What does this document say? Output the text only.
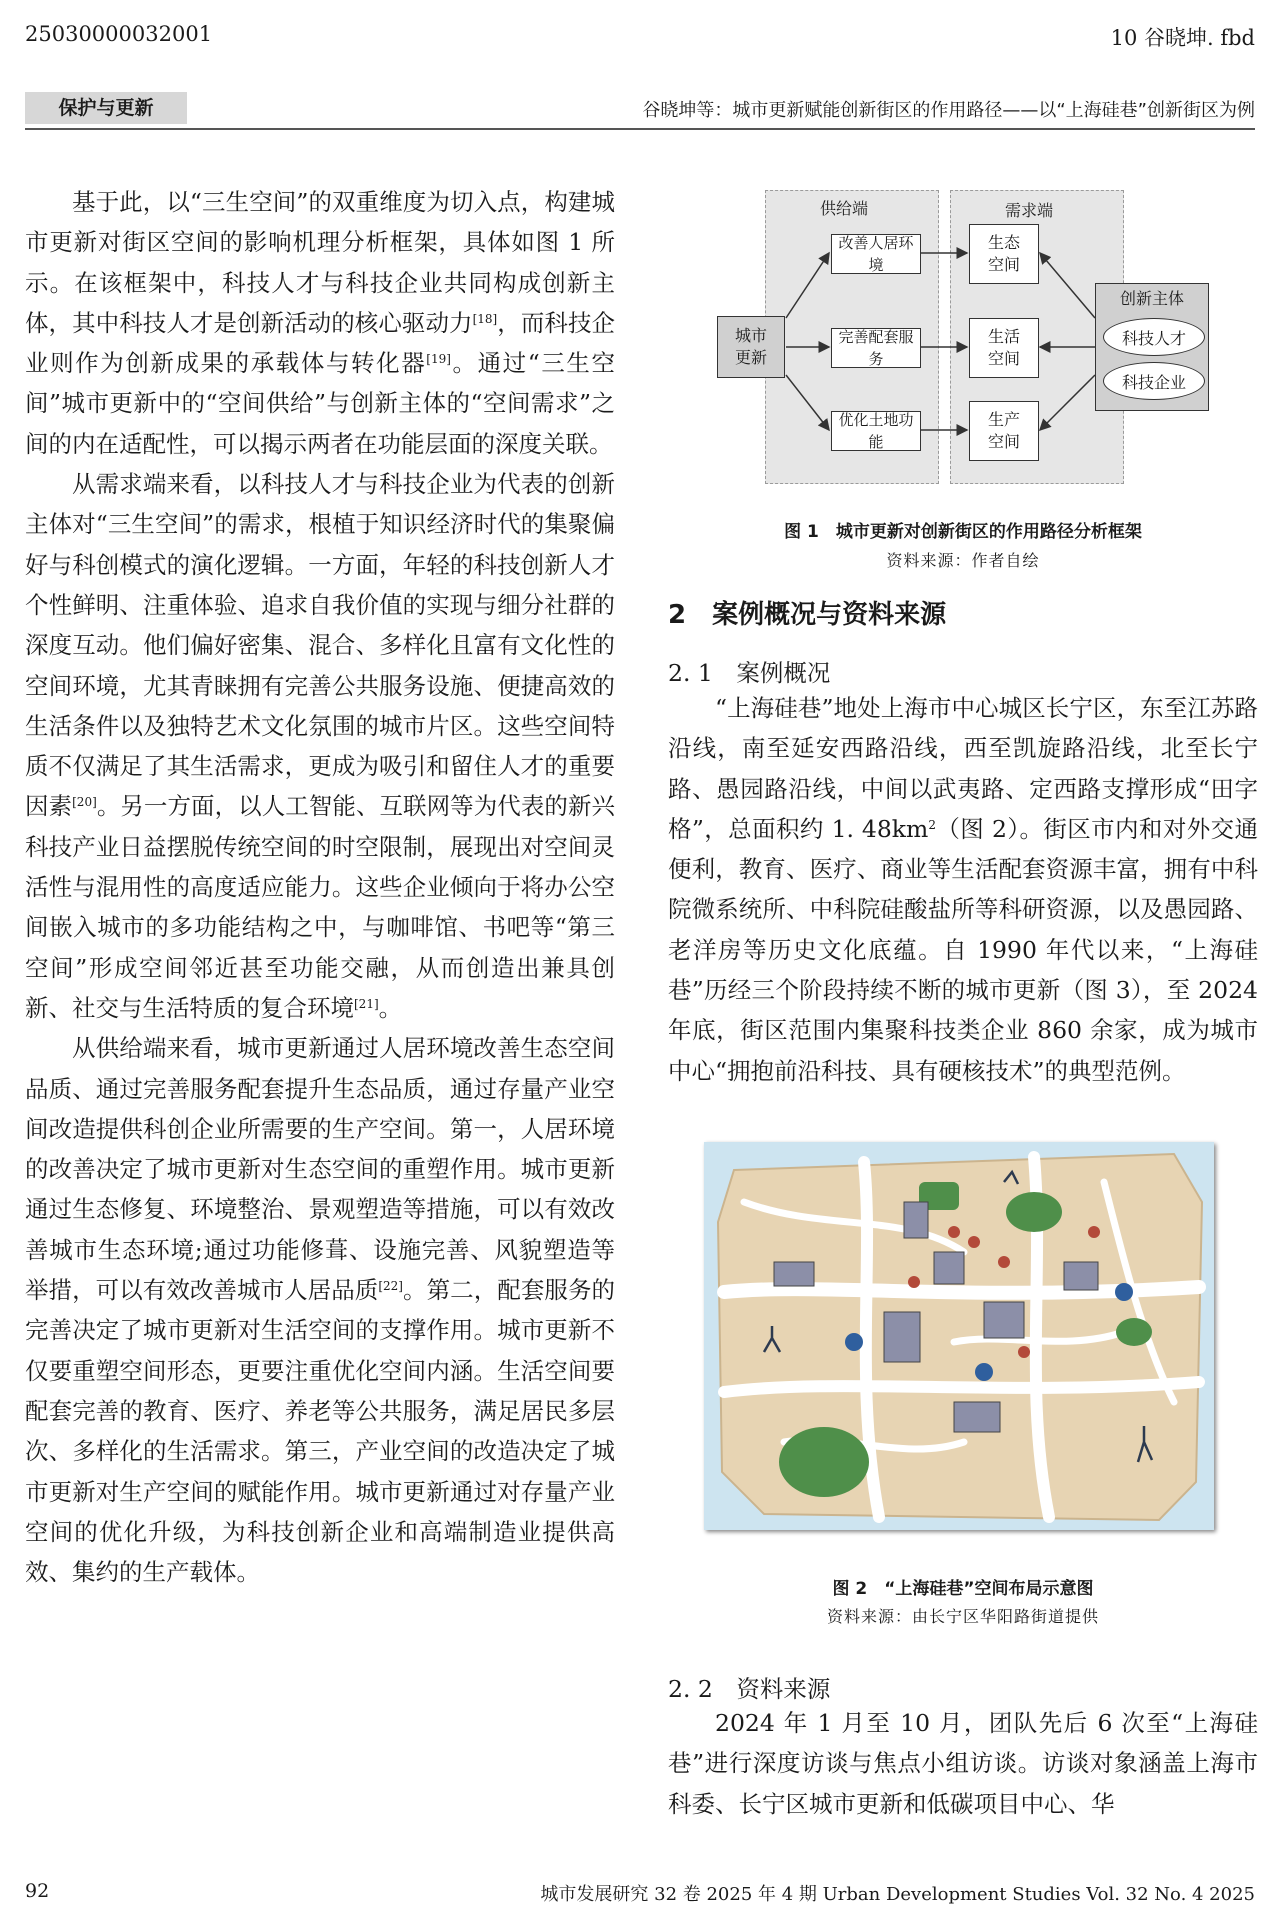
25030000032001	10 谷晓坤. fbd
保护与更新	谷晓坤等：城市更新赋能创新街区的作用路径——以“上海硅巷”创新街区为例

基于此，以“三生空间”的双重维度为切入点，构建城市更新对街区空间的影响机理分析框架，具体如图 1 所示。在该框架中，科技人才与科技企业共同构成创新主体，其中科技人才是创新活动的核心驱动力[18]，而科技企业则作为创新成果的承载体与转化器[19]。通过“三生空间”城市更新中的“空间供给”与创新主体的“空间需求”之间的内在适配性，可以揭示两者在功能层面的深度关联。

从需求端来看，以科技人才与科技企业为代表的创新主体对“三生空间”的需求，根植于知识经济时代的集聚偏好与科创模式的演化逻辑。一方面，年轻的科技创新人才个性鲜明、注重体验、追求自我价值的实现与细分社群的深度互动。他们偏好密集、混合、多样化且富有文化性的空间环境，尤其青睐拥有完善公共服务设施、便捷高效的生活条件以及独特艺术文化氛围的城市片区。这些空间特质不仅满足了其生活需求，更成为吸引和留住人才的重要因素[20]。另一方面，以人工智能、互联网等为代表的新兴科技产业日益摆脱传统空间的时空限制，展现出对空间灵活性与混用性的高度适应能力。这些企业倾向于将办公空间嵌入城市的多功能结构之中，与咖啡馆、书吧等“第三空间”形成空间邻近甚至功能交融，从而创造出兼具创新、社交与生活特质的复合环境[21]。

从供给端来看，城市更新通过人居环境改善生态空间品质、通过完善服务配套提升生态品质，通过存量产业空间改造提供科创企业所需要的生产空间。第一，人居环境的改善决定了城市更新对生态空间的重塑作用。城市更新通过生态修复、环境整治、景观塑造等措施，可以有效改善城市生态环境;通过功能修葺、设施完善、风貌塑造等举措，可以有效改善城市人居品质[22]。第二，配套服务的完善决定了城市更新对生活空间的支撑作用。城市更新不仅要重塑空间形态，更要注重优化空间内涵。生活空间要配套完善的教育、医疗、养老等公共服务，满足居民多层次、多样化的生活需求。第三，产业空间的改造决定了城市更新对生产空间的赋能作用。城市更新通过对存量产业空间的优化升级，为科技创新企业和高端制造业提供高效、集约的生产载体。

供给端	需求端
城市
更新
改善人居环境
完善配套服务
优化土地功能
生态
空间
生活
空间
生产
空间
创新主体
科技人才
科技企业
图 1　城市更新对创新街区的作用路径分析框架
资料来源：作者自绘
2　案例概况与资料来源
2. 1　案例概况

“上海硅巷”地处上海市中心城区长宁区，东至江苏路沿线，南至延安西路沿线，西至凯旋路沿线，北至长宁路、愚园路沿线，中间以武夷路、定西路支撑形成“田字格”，总面积约 1. $48km^2$（图 2）。街区市内和对外交通便利，教育、医疗、商业等生活配套资源丰富，拥有中科院微系统所、中科院硅酸盐所等科研资源，以及愚园路、老洋房等历史文化底蕴。自 1990 年代以来，“上海硅巷”历经三个阶段持续不断的城市更新（图 3），至 2024 年底，街区范围内集聚科技类企业 860 余家，成为城市中心“拥抱前沿科技、具有硬核技术”的典型范例。

图 2　“上海硅巷”空间布局示意图
资料来源：由长宁区华阳路街道提供
2. 2　资料来源

2024 年 1 月至 10 月，团队先后 6 次至“上海硅巷”进行深度访谈与焦点小组访谈。访谈对象涵盖上海市科委、长宁区城市更新和低碳项目中心、华

92	城市发展研究 32 卷 2025 年 4 期 Urban Development Studies Vol. 32 No. 4 2025
